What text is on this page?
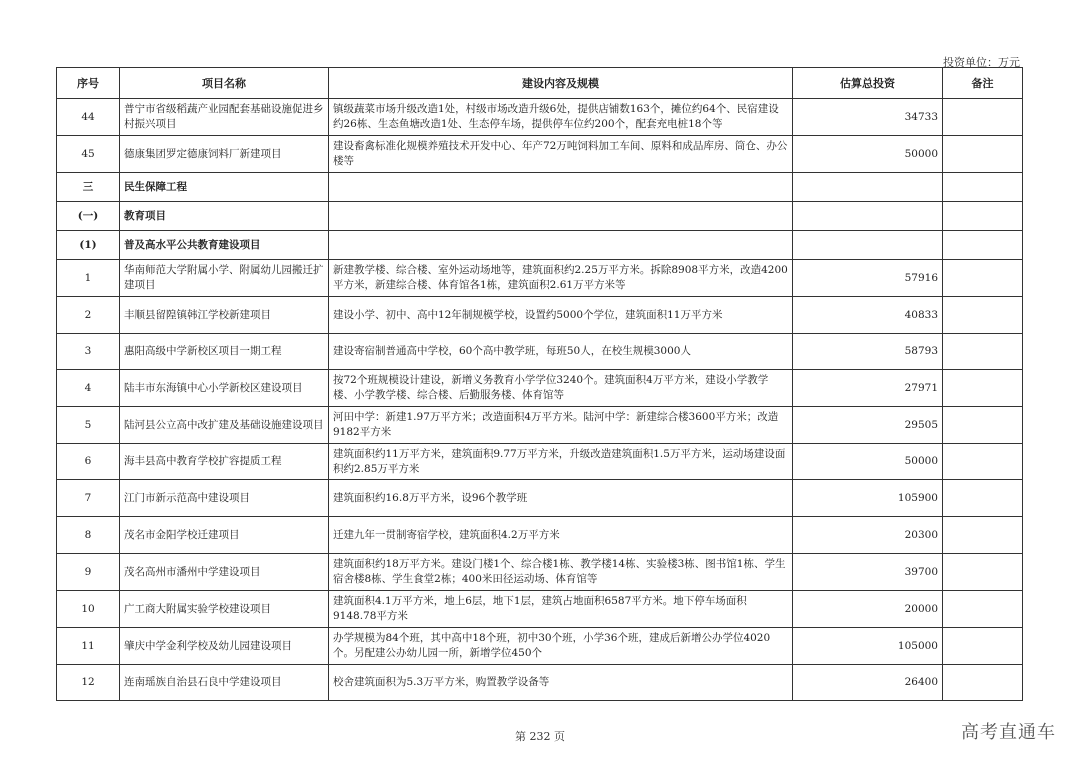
投资单位：万元
序号	项目名称	建设内容及规模	估算总投资	备注
44	普宁市省级稻蔬产业园配套基础设施促进乡村振兴项目	镇级蔬菜市场升级改造1处，村级市场改造升级6处，提供店铺数163个，摊位约64个、民宿建设约26栋、生态鱼塘改造1处、生态停车场，提供停车位约200个，配套充电桩18个等	34733	
45	德康集团罗定德康饲料厂新建项目	建设畜禽标准化规模养殖技术开发中心、年产72万吨饲料加工车间、原料和成品库房、筒仓、办公楼等	50000	
三	民生保障工程			
(一)	教育项目			
(1)	普及高水平公共教育建设项目			
1	华南师范大学附属小学、附属幼儿园搬迁扩建项目	新建教学楼、综合楼、室外运动场地等，建筑面积约2.25万平方米。拆除8908平方米，改造4200平方米，新建综合楼、体育馆各1栋，建筑面积2.61万平方米等	57916	
2	丰顺县留隍镇韩江学校新建项目	建设小学、初中、高中12年制规模学校，设置约5000个学位，建筑面积11万平方米	40833	
3	惠阳高级中学新校区项目一期工程	建设寄宿制普通高中学校，60个高中教学班，每班50人，在校生规模3000人	58793	
4	陆丰市东海镇中心小学新校区建设项目	按72个班规模设计建设，新增义务教育小学学位3240个。建筑面积4万平方米，建设小学教学楼、小学教学楼、综合楼、后勤服务楼、体育馆等	27971	
5	陆河县公立高中改扩建及基础设施建设项目	河田中学：新建1.97万平方米；改造面积4万平方米。陆河中学：新建综合楼3600平方米；改造9182平方米	29505	
6	海丰县高中教育学校扩容提质工程	建筑面积约11万平方米，建筑面积9.77万平方米，升级改造建筑面积1.5万平方米，运动场建设面积约2.85万平方米	50000	
7	江门市新示范高中建设项目	建筑面积约16.8万平方米，设96个教学班	105900	
8	茂名市金阳学校迁建项目	迁建九年一贯制寄宿学校，建筑面积4.2万平方米	20300	
9	茂名高州市潘州中学建设项目	建筑面积约18万平方米。建设门楼1个、综合楼1栋、教学楼14栋、实验楼3栋、图书馆1栋、学生宿舍楼8栋、学生食堂2栋；400米田径运动场、体育馆等	39700	
10	广工商大附属实验学校建设项目	建筑面积4.1万平方米，地上6层，地下1层，建筑占地面积6587平方米。地下停车场面积9148.78平方米	20000	
11	肇庆中学金利学校及幼儿园建设项目	办学规模为84个班，其中高中18个班，初中30个班，小学36个班，建成后新增公办学位4020个。另配建公办幼儿园一所，新增学位450个	105000	
12	连南瑶族自治县石良中学建设项目	校舍建筑面积为5.3万平方米，购置教学设备等	26400	
第 232 页	高考直通车
